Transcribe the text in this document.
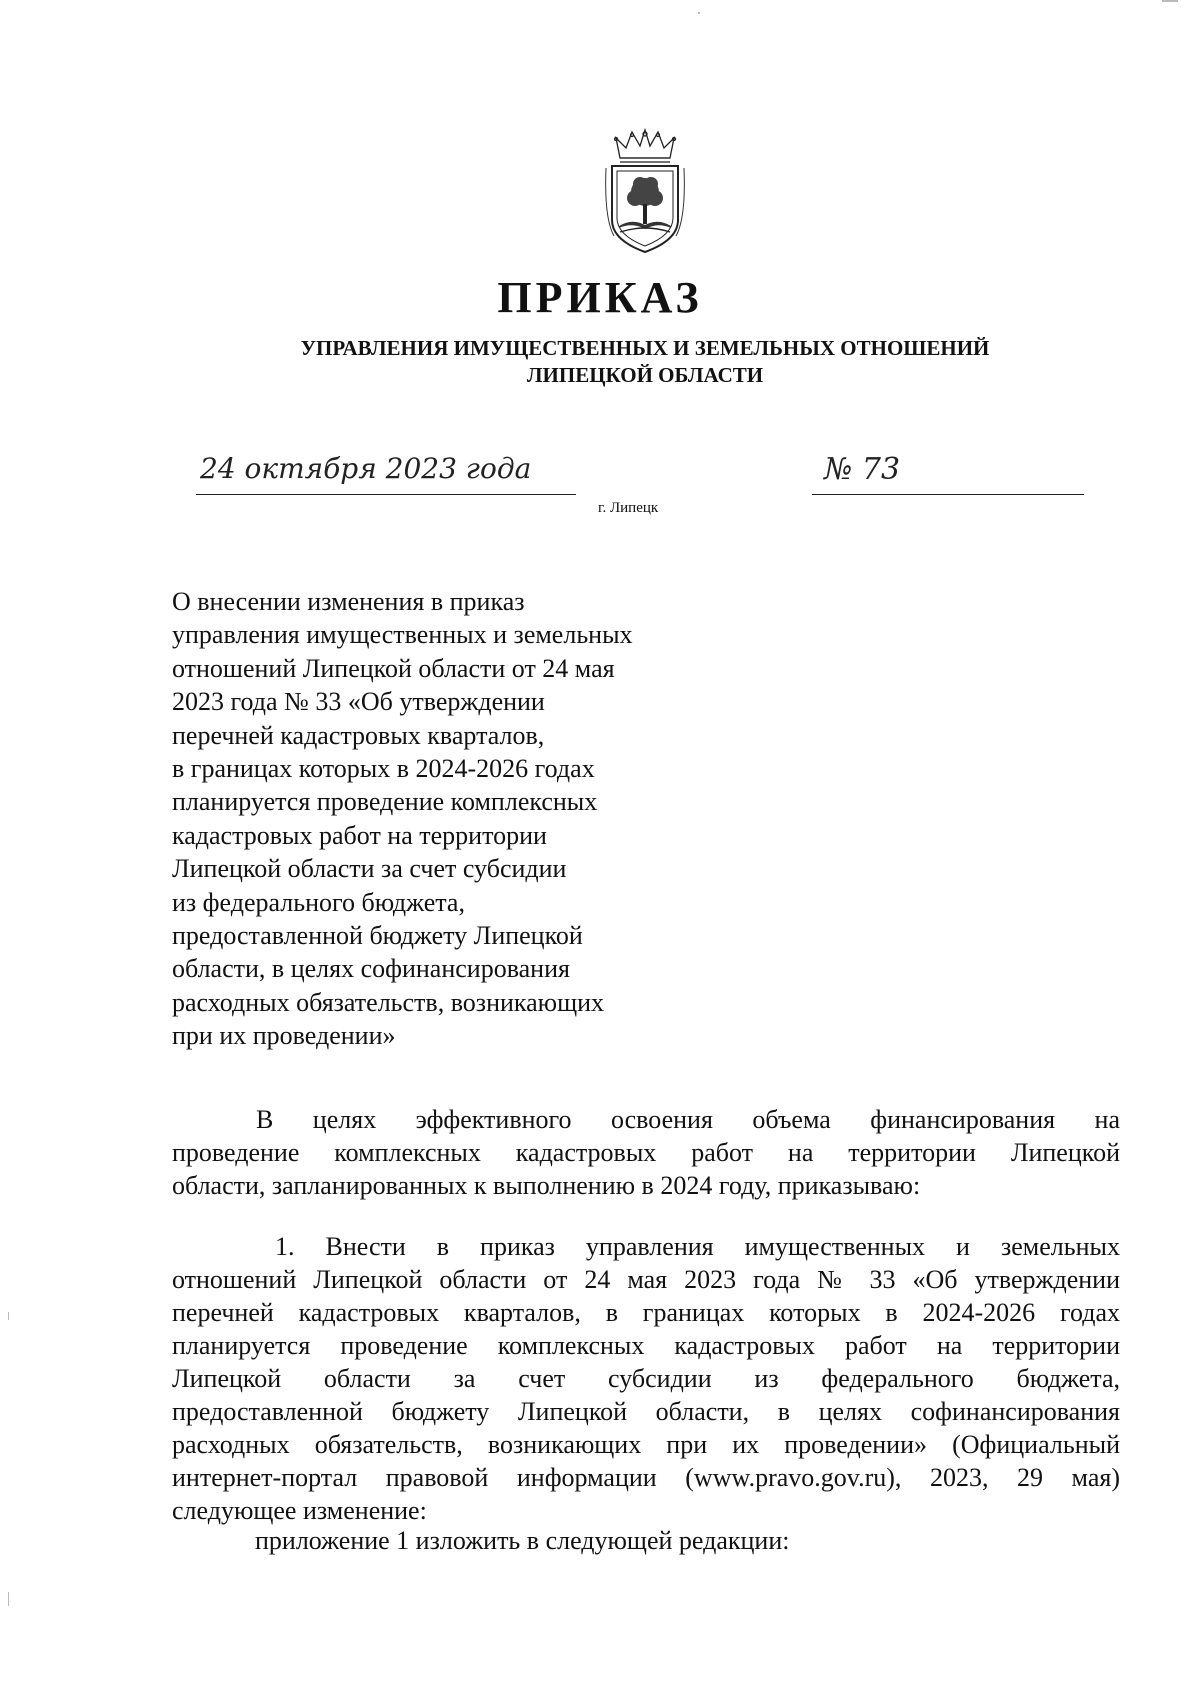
ПРИКАЗ
УПРАВЛЕНИЯ ИМУЩЕСТВЕННЫХ И ЗЕМЕЛЬНЫХ ОТНОШЕНИЙ
ЛИПЕЦКОЙ ОБЛАСТИ
24 октября 2023 года
г. Липецк
№ 73
О внесении изменения в приказ
управления имущественных и земельных
отношений Липецкой области от 24 мая
2023 года № 33 «Об утверждении
перечней кадастровых кварталов,
в границах которых в 2024-2026 годах
планируется проведение комплексных
кадастровых работ на территории
Липецкой области за счет субсидии
из федерального бюджета,
предоставленной бюджету Липецкой
области, в целях софинансирования
расходных обязательств, возникающих
при их проведении»
В целях эффективного освоения объема финансирования на
проведение комплексных кадастровых работ на территории Липецкой
области, запланированных к выполнению в 2024 году, приказываю:
1. Внести в приказ управления имущественных и земельных
отношений Липецкой области от 24 мая 2023 года № 33 «Об утверждении
перечней кадастровых кварталов, в границах которых в 2024-2026 годах
планируется проведение комплексных кадастровых работ на территории
Липецкой области за счет субсидии из федерального бюджета,
предоставленной бюджету Липецкой области, в целях софинансирования
расходных обязательств, возникающих при их проведении» (Официальный
интернет-портал правовой информации (www.pravo.gov.ru), 2023, 29 мая)
следующее изменение:
приложение 1 изложить в следующей редакции:
